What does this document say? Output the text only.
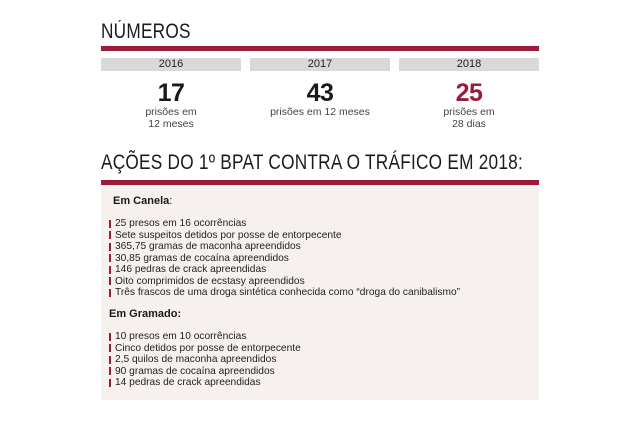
NÚMEROS
2016
17
prisões em
12 meses
2017
43
prisões em 12 meses
2018
25
prisões em
28 dias
AÇÕES DO 1º BPAT CONTRA O TRÁFICO EM 2018:
Em Canela:
25 presos em 16 ocorrências
Sete suspeitos detidos por posse de entorpecente
365,75 gramas de maconha apreendidos
30,85 gramas de cocaína apreendidos
146 pedras de crack apreendidas
Oito comprimidos de ecstasy apreendidos
Três frascos de uma droga sintética conhecida como “droga do canibalismo”
Em Gramado:
10 presos em 10 ocorrências
Cinco detidos por posse de entorpecente
2,5 quilos de maconha apreendidos
90 gramas de cocaína apreendidos
14 pedras de crack apreendidas
